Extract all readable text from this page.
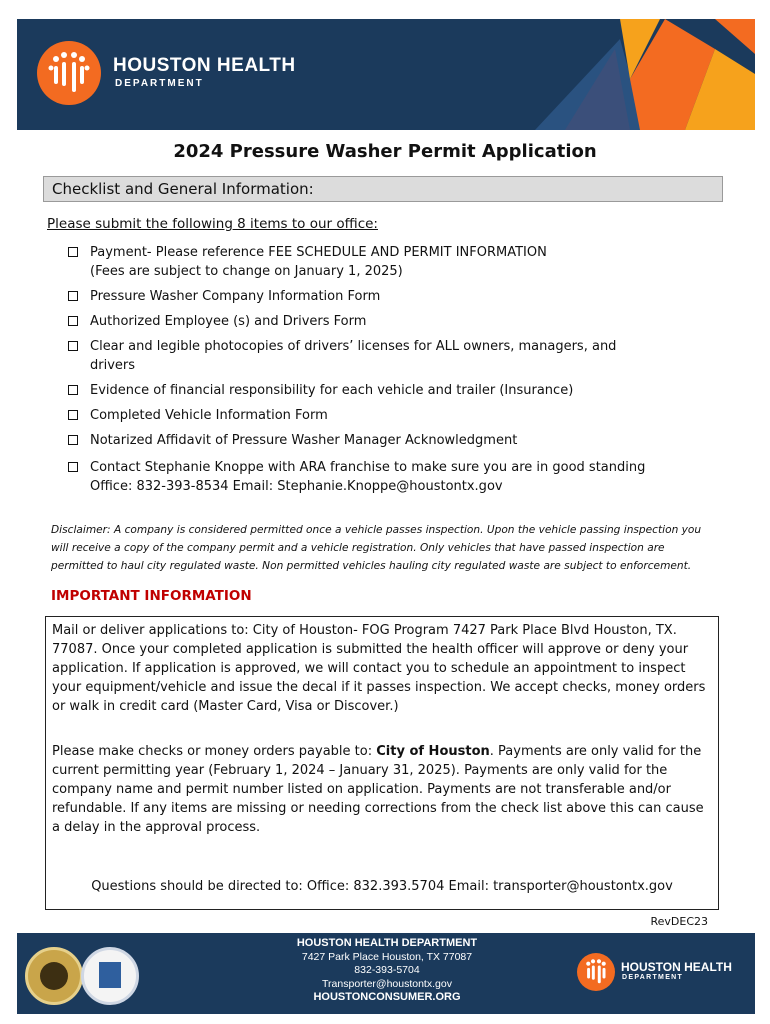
HOUSTON HEALTH
DEPARTMENT
2024 Pressure Washer Permit Application
Checklist and General Information:
Please submit the following 8 items to our office:
Payment- Please reference FEE SCHEDULE AND PERMIT INFORMATION
(Fees are subject to change on January 1, 2025)
Pressure Washer Company Information Form
Authorized Employee (s) and Drivers Form
Clear and legible photocopies of drivers’ licenses for ALL owners, managers, and
drivers
Evidence of financial responsibility for each vehicle and trailer (Insurance)
Completed Vehicle Information Form
Notarized Affidavit of Pressure Washer Manager Acknowledgment
Contact Stephanie Knoppe with ARA franchise to make sure you are in good standing
Office: 832-393-8534 Email: Stephanie.Knoppe@houstontx.gov
Disclaimer: A company is considered permitted once a vehicle passes inspection. Upon the vehicle passing inspection you will receive a copy of the company permit and a vehicle registration. Only vehicles that have passed inspection are permitted to haul city regulated waste. Non permitted vehicles hauling city regulated waste are subject to enforcement.
IMPORTANT INFORMATION
Mail or deliver applications to: City of Houston- FOG Program 7427 Park Place Blvd Houston, TX. 77087. Once your completed application is submitted the health officer will approve or deny your application. If application is approved, we will contact you to schedule an appointment to inspect your equipment/vehicle and issue the decal if it passes inspection. We accept checks, money orders or walk in credit card (Master Card, Visa or Discover.)
Please make checks or money orders payable to: City of Houston. Payments are only valid for the current permitting year (February 1, 2024 – January 31, 2025). Payments are only valid for the company name and permit number listed on application. Payments are not transferable and/or refundable. If any items are missing or needing corrections from the check list above this can cause a delay in the approval process.
Questions should be directed to: Office: 832.393.5704 Email: transporter@houstontx.gov
RevDEC23
HOUSTON HEALTH DEPARTMENT
7427 Park Place Houston, TX 77087
832-393-5704
Transporter@houstontx.gov
HOUSTONCONSUMER.ORG
HOUSTON HEALTH
DEPARTMENT
